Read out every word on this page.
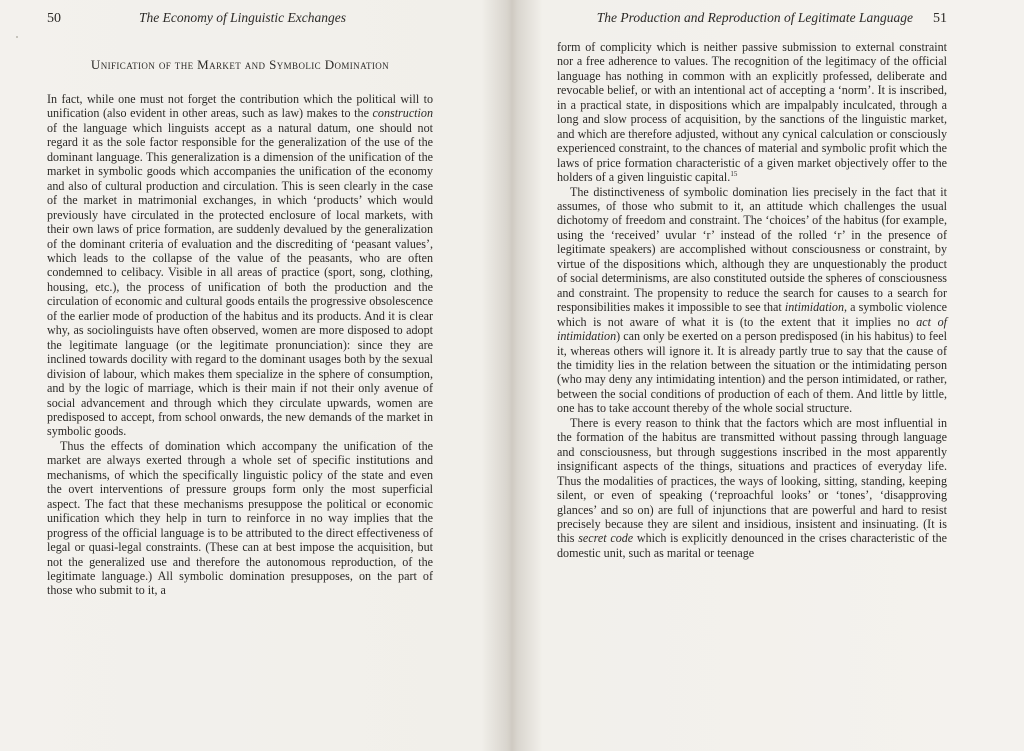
50	The Economy of Linguistic Exchanges
Unification of the Market and Symbolic Domination

In fact, while one must not forget the contribution which the political will to unification (also evident in other areas, such as law) makes to the construction of the language which linguists accept as a natural datum, one should not regard it as the sole factor responsible for the generalization of the use of the dominant language. This generalization is a dimension of the unification of the market in symbolic goods which accompanies the unification of the economy and also of cultural production and circulation. This is seen clearly in the case of the market in matrimonial exchanges, in which ‘products’ which would previously have circulated in the protected enclosure of local markets, with their own laws of price formation, are suddenly devalued by the generalization of the dominant criteria of evaluation and the discrediting of ‘peasant values’, which leads to the collapse of the value of the peasants, who are often condemned to celibacy. Visible in all areas of practice (sport, song, clothing, housing, etc.), the process of unification of both the production and the circulation of economic and cultural goods entails the progressive obsolescence of the earlier mode of production of the habitus and its products. And it is clear why, as sociolinguists have often observed, women are more disposed to adopt the legitimate language (or the legitimate pronunciation): since they are inclined towards docility with regard to the dominant usages both by the sexual division of labour, which makes them specialize in the sphere of consumption, and by the logic of marriage, which is their main if not their only avenue of social advancement and through which they circulate upwards, women are predisposed to accept, from school onwards, the new demands of the market in symbolic goods.

Thus the effects of domination which accompany the unification of the market are always exerted through a whole set of specific institutions and mechanisms, of which the specifically linguistic policy of the state and even the overt interventions of pressure groups form only the most superficial aspect. The fact that these mechanisms presuppose the political or economic unification which they help in turn to reinforce in no way implies that the progress of the official language is to be attributed to the direct effectiveness of legal or quasi-legal constraints. (These can at best impose the acquisition, but not the generalized use and therefore the autonomous reproduction, of the legitimate language.) All symbolic domination presupposes, on the part of those who submit to it, a

The Production and Reproduction of Legitimate Language 51

form of complicity which is neither passive submission to external constraint nor a free adherence to values. The recognition of the legitimacy of the official language has nothing in common with an explicitly professed, deliberate and revocable belief, or with an intentional act of accepting a ‘norm’. It is inscribed, in a practical state, in dispositions which are impalpably inculcated, through a long and slow process of acquisition, by the sanctions of the linguistic market, and which are therefore adjusted, without any cynical calculation or consciously experienced constraint, to the chances of material and symbolic profit which the laws of price formation characteristic of a given market objectively offer to the holders of a given linguistic capital.$^{15}$

The distinctiveness of symbolic domination lies precisely in the fact that it assumes, of those who submit to it, an attitude which challenges the usual dichotomy of freedom and constraint. The ‘choices’ of the habitus (for example, using the ‘received’ uvular ‘r’ instead of the rolled ‘r’ in the presence of legitimate speakers) are accomplished without consciousness or constraint, by virtue of the dispositions which, although they are unquestionably the product of social determinisms, are also constituted outside the spheres of consciousness and constraint. The propensity to reduce the search for causes to a search for responsibilities makes it impossible to see that intimidation, a symbolic violence which is not aware of what it is (to the extent that it implies no act of intimidation) can only be exerted on a person predisposed (in his habitus) to feel it, whereas others will ignore it. It is already partly true to say that the cause of the timidity lies in the relation between the situation or the intimidating person (who may deny any intimidating intention) and the person intimidated, or rather, between the social conditions of production of each of them. And little by little, one has to take account thereby of the whole social structure.

There is every reason to think that the factors which are most influential in the formation of the habitus are transmitted without passing through language and consciousness, but through suggestions inscribed in the most apparently insignificant aspects of the things, situations and practices of everyday life. Thus the modalities of practices, the ways of looking, sitting, standing, keeping silent, or even of speaking (‘reproachful looks’ or ‘tones’, ‘disapproving glances’ and so on) are full of injunctions that are powerful and hard to resist precisely because they are silent and insidious, insistent and insinuating. (It is this secret code which is explicitly denounced in the crises characteristic of the domestic unit, such as marital or teenage
